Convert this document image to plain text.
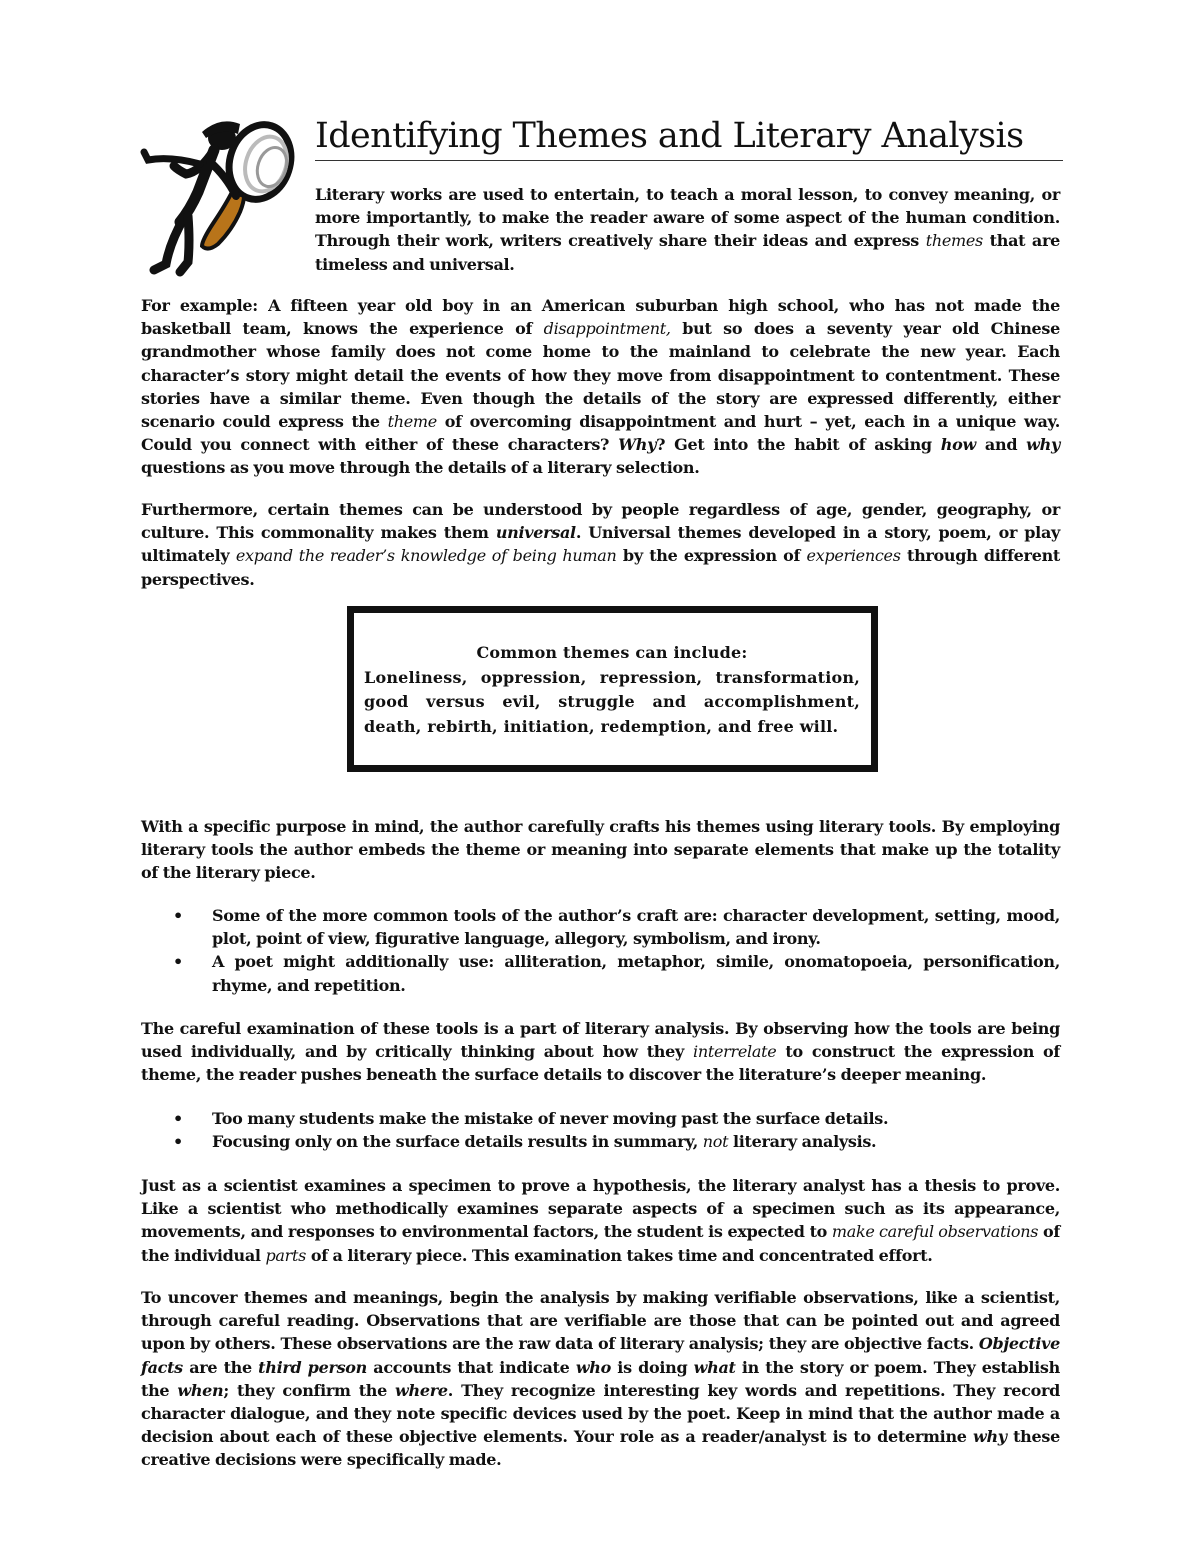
Identifying Themes and Literary Analysis

Literary works are used to entertain, to teach a moral lesson, to convey meaning, or more importantly, to make the reader aware of some aspect of the human condition. Through their work, writers creatively share their ideas and express themes that are timeless and universal.

For example: A fifteen year old boy in an American suburban high school, who has not made the basketball team, knows the experience of disappointment, but so does a seventy year old Chinese grandmother whose family does not come home to the mainland to celebrate the new year. Each character’s story might detail the events of how they move from disappointment to contentment. These stories have a similar theme. Even though the details of the story are expressed differently, either scenario could express the theme of overcoming disappointment and hurt – yet, each in a unique way. Could you connect with either of these characters? Why? Get into the habit of asking how and why questions as you move through the details of a literary selection.

Furthermore, certain themes can be understood by people regardless of age, gender, geography, or culture. This commonality makes them universal. Universal themes developed in a story, poem, or play ultimately expand the reader’s knowledge of being human by the expression of experiences through different perspectives.

Common themes can include:
Loneliness, oppression, repression, transformation, good versus evil, struggle and accomplishment, death, rebirth, initiation, redemption, and free will.

With a specific purpose in mind, the author carefully crafts his themes using literary tools. By employing literary tools the author embeds the theme or meaning into separate elements that make up the totality of the literary piece.

• Some of the more common tools of the author’s craft are: character development, setting, mood, plot, point of view, figurative language, allegory, symbolism, and irony.
• A poet might additionally use: alliteration, metaphor, simile, onomatopoeia, personification, rhyme, and repetition.

The careful examination of these tools is a part of literary analysis. By observing how the tools are being used individually, and by critically thinking about how they interrelate to construct the expression of theme, the reader pushes beneath the surface details to discover the literature’s deeper meaning.

• Too many students make the mistake of never moving past the surface details.
• Focusing only on the surface details results in summary, not literary analysis.

Just as a scientist examines a specimen to prove a hypothesis, the literary analyst has a thesis to prove. Like a scientist who methodically examines separate aspects of a specimen such as its appearance, movements, and responses to environmental factors, the student is expected to make careful observations of the individual parts of a literary piece. This examination takes time and concentrated effort.

To uncover themes and meanings, begin the analysis by making verifiable observations, like a scientist, through careful reading. Observations that are verifiable are those that can be pointed out and agreed upon by others. These observations are the raw data of literary analysis; they are objective facts. Objective facts are the third person accounts that indicate who is doing what in the story or poem. They establish the when; they confirm the where. They recognize interesting key words and repetitions. They record character dialogue, and they note specific devices used by the poet. Keep in mind that the author made a decision about each of these objective elements. Your role as a reader/analyst is to determine why these creative decisions were specifically made.
